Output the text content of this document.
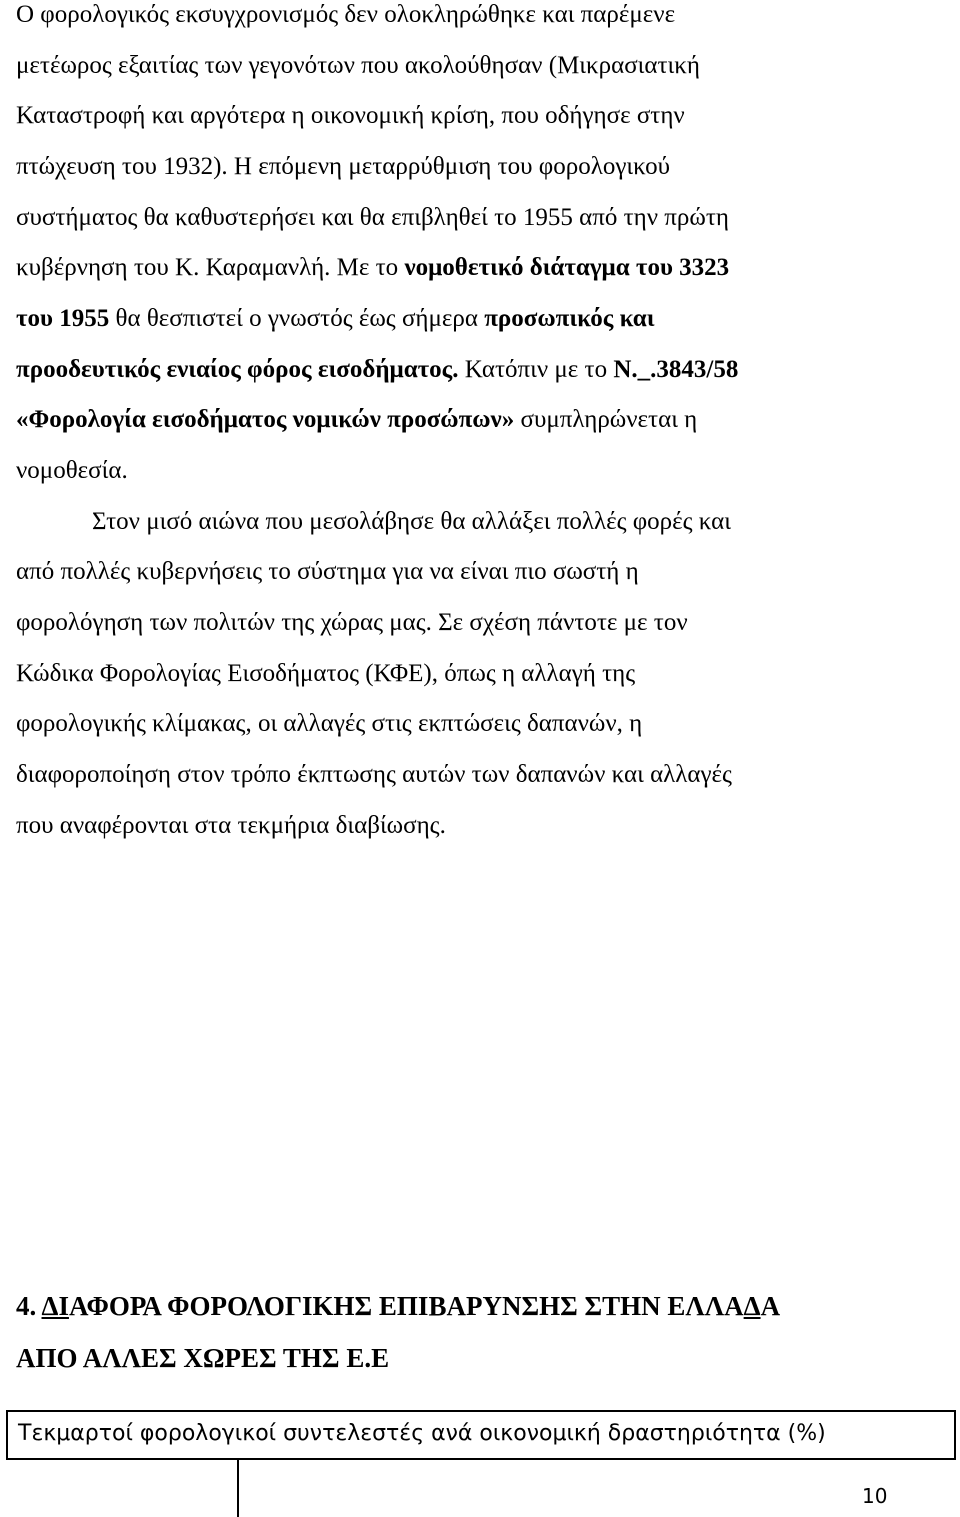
Ο φορολογικός εκσυγχρονισμός δεν ολοκληρώθηκε και παρέμενε
μετέωρος εξαιτίας των γεγονότων που ακολούθησαν (Μικρασιατική
Καταστροφή και αργότερα η οικονομική κρίση, που οδήγησε στην
πτώχευση του 1932). Η επόμενη μεταρρύθμιση του φορολογικού
συστήματος θα καθυστερήσει και θα επιβληθεί το 1955 από την πρώτη
κυβέρνηση του Κ. Καραμανλή. Με το νομοθετικό διάταγμα του 3323
του 1955 θα θεσπιστεί ο γνωστός έως σήμερα προσωπικός και
προοδευτικός ενιαίος φόρος εισοδήματος. Κατόπιν με το Ν._.3843/58
«Φορολογία εισοδήματος νομικών προσώπων» συμπληρώνεται η
νομοθεσία.
Στον μισό αιώνα που μεσολάβησε θα αλλάξει πολλές φορές και
από πολλές κυβερνήσεις το σύστημα για να είναι πιο σωστή η
φορολόγηση των πολιτών της χώρας μας. Σε σχέση πάντοτε με τον
Κώδικα Φορολογίας Εισοδήματος (ΚΦΕ), όπως η αλλαγή της
φορολογικής κλίμακας, οι αλλαγές στις εκπτώσεις δαπανών, η
διαφοροποίηση στον τρόπο έκπτωσης αυτών των δαπανών και αλλαγές
που αναφέρονται στα τεκμήρια διαβίωσης.
4. ΔΙΑΦΟΡΑ ΦΟΡΟΛΟΓΙΚΗΣ ΕΠΙΒΑΡΥΝΣΗΣ ΣΤΗΝ ΕΛΛΑΔΑ
ΑΠΟ ΑΛΛΕΣ ΧΩΡΕΣ ΤΗΣ Ε.Ε
Τεκμαρτοί φορολογικοί συντελεστές ανά οικονομική δραστηριότητα (%)
10
